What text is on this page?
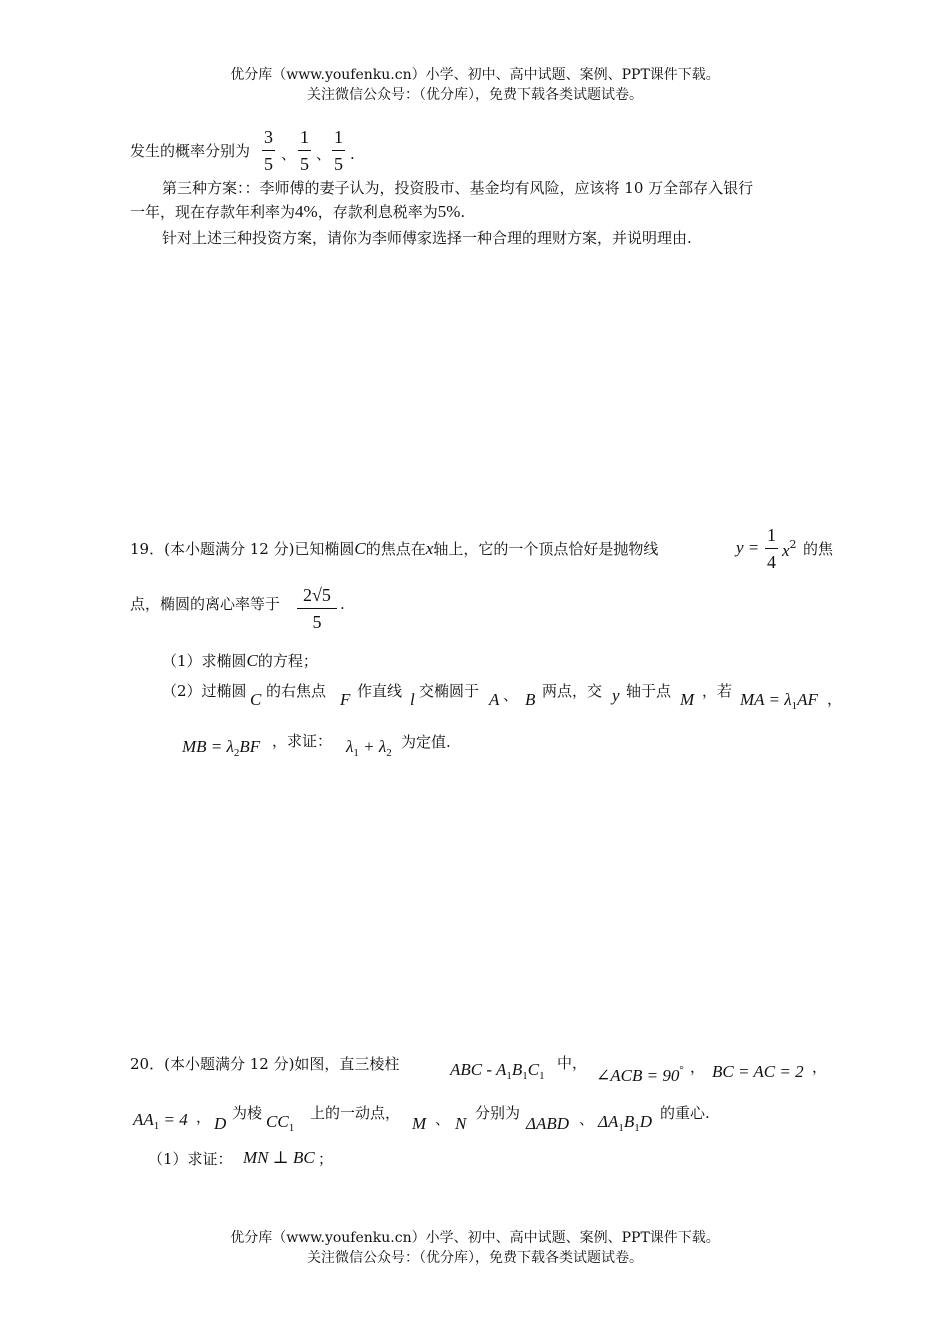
优分库（www.youfenku.cn）小学、初中、高中试题、案例、PPT课件下载。
关注微信公众号：（优分库），免费下载各类试题试卷。
发生的概率分别为
3
5 、
1
5 、
1
5 .
第三种方案：：李师傅的妻子认为，投资股市、基金均有风险，应该将 10 万全部存入银行
一年，现在存款年利率为4%，存款利息税率为5%.
针对上述三种投资方案，请你为李师傅家选择一种合理的理财方案，并说明理由.
19．(本小题满分 12 分)已知椭圆C的焦点在x轴上，它的一个顶点恰好是抛物线	y =
1
4
$x^2$ 的焦
点，椭圆的离心率等于 2√5
5
.
（1）求椭圆C的方程；
（2）过椭圆 C 的右焦点 F 作直线 l 交椭圆于 A 、 B 两点，交 y 轴于点 M ，若 MA = $\lambda_1AF$ ，
MB = $\lambda_2BF$ ，求证： $\lambda_1 + \lambda_2$
为定值.
20．(本小题满分 12 分)如图，直三棱柱	ABC - $A_1B_1C_1$
中，
∠ACB = 90° ， BC = AC = 2 ，
$AA_1 = 4$ ， D
为棱 $CC_1$
上的一动点，
M 、 N
分别为
ΔABD 、 $\Delta A_1B_1D$ 的重心.
（1）求证： MN ⊥ BC ；
优分库（www.youfenku.cn）小学、初中、高中试题、案例、PPT课件下载。
关注微信公众号：（优分库），免费下载各类试题试卷。
